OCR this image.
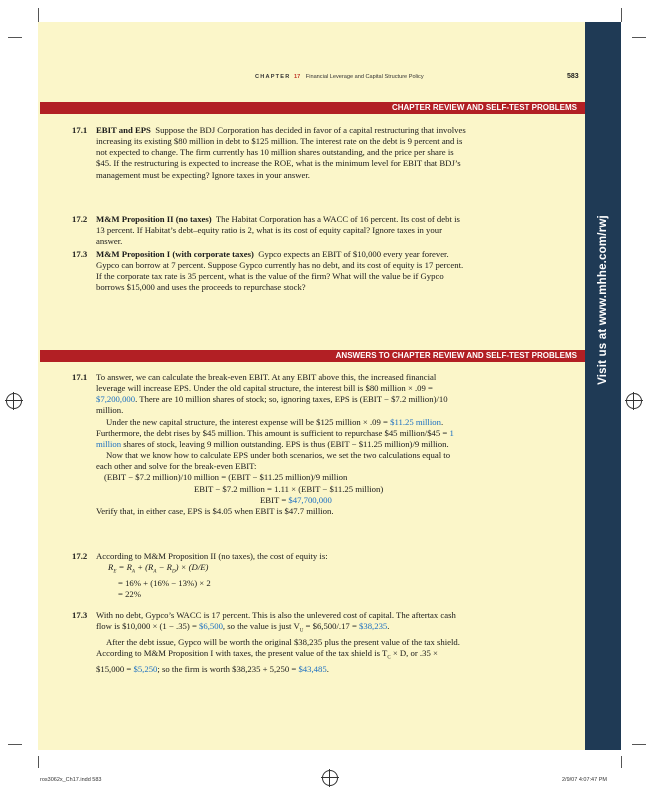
Visit us at www.mhhe.com/rwj
CHAPTER 17 Financial Leverage and Capital Structure Policy	583
CHAPTER REVIEW AND SELF-TEST PROBLEMS
17.1 EBIT and EPS Suppose the BDJ Corporation has decided in favor of a capital restructuring that involves increasing its existing $80 million in debt to $125 million. The interest rate on the debt is 9 percent and is not expected to change. The firm currently has 10 million shares outstanding, and the price per share is $45. If the restructuring is expected to increase the ROE, what is the minimum level for EBIT that BDJ’s management must be expecting? Ignore taxes in your answer.

17.2 M&M Proposition II (no taxes) The Habitat Corporation has a WACC of 16 percent. Its cost of debt is 13 percent. If Habitat’s debt–equity ratio is 2, what is its cost of equity capital? Ignore taxes in your answer.

17.3 M&M Proposition I (with corporate taxes) Gypco expects an EBIT of $10,000 every year forever. Gypco can borrow at 7 percent. Suppose Gypco currently has no debt, and its cost of equity is 17 percent. If the corporate tax rate is 35 percent, what is the value of the firm? What will the value be if Gypco borrows $15,000 and uses the proceeds to repurchase stock?

ANSWERS TO CHAPTER REVIEW AND SELF-TEST PROBLEMS
17.1 To answer, we can calculate the break-even EBIT. At any EBIT above this, the increased financial leverage will increase EPS. Under the old capital structure, the interest bill is $80 million × .09 = $7,200,000. There are 10 million shares of stock; so, ignoring taxes, EPS is (EBIT − $7.2 million)/10 million.

Under the new capital structure, the interest expense will be $125 million × .09 = $11.25 million. Furthermore, the debt rises by $45 million. This amount is sufficient to repurchase $45 million/$45 = 1 million shares of stock, leaving 9 million outstanding. EPS is thus (EBIT − $11.25 million)/9 million.

Now that we know how to calculate EPS under both scenarios, we set the two calculations equal to each other and solve for the break-even EBIT:

(EBIT − $7.2 million)/10 million = (EBIT − $11.25 million)/9 million

EBIT − $7.2 million = 1.11 × (EBIT − $11.25 million)

EBIT = $47,700,000

Verify that, in either case, EPS is $4.05 when EBIT is $47.7 million.

17.2 According to M&M Proposition II (no taxes), the cost of equity is:

$R_E = R_A + (R_A - R_D) \times (D/E)$

= 16% + (16% − 13%) × 2

= 22%

17.3 With no debt, Gypco’s WACC is 17 percent. This is also the unlevered cost of capital. The aftertax cash flow is $10,000 × (1 − .35) = $6,500, so the value is just $V_U$ = $6,500/.17 = $38,235.

After the debt issue, Gypco will be worth the original $38,235 plus the present value of the tax shield. According to M&M Proposition I with taxes, the present value of the tax shield is $T_C \times D$, or .35 × $15,000 = $5,250; so the firm is worth $38,235 + 5,250 = $43,485.

ros3062x_Ch17.indd 583	2/9/07 4:07:47 PM
